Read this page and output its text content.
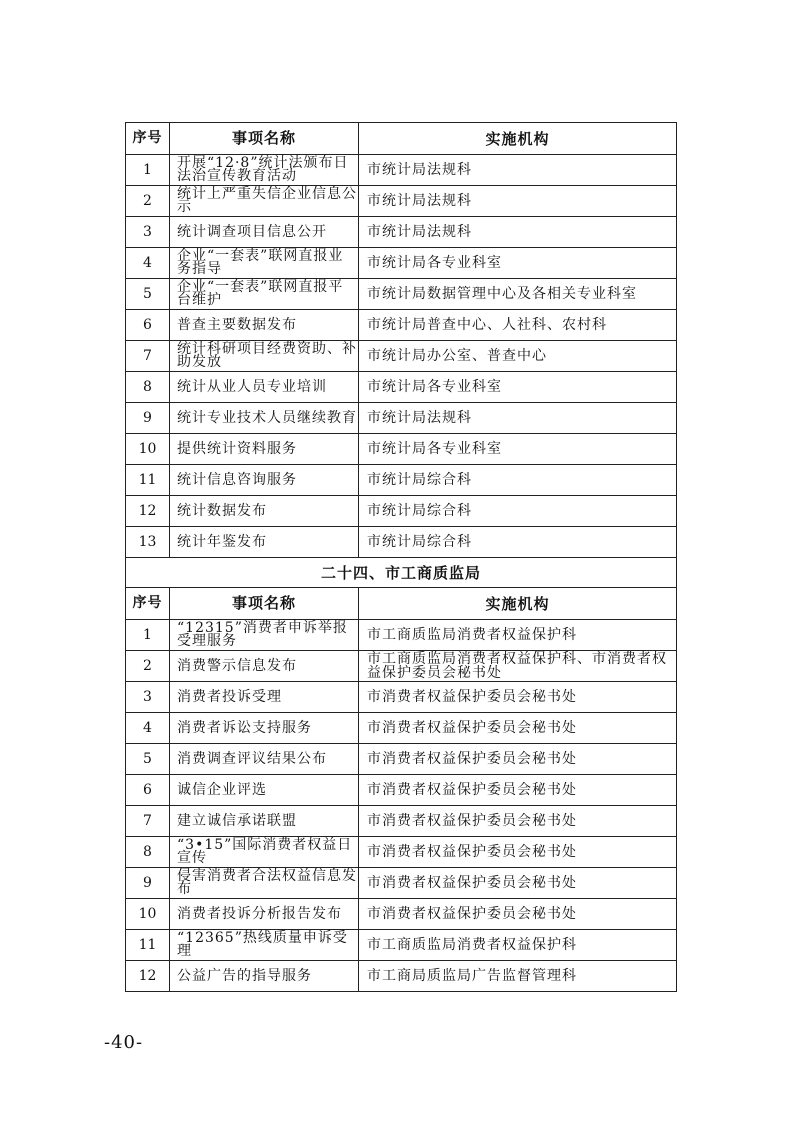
序号	事项名称	实施机构
1	开展“12·8”统计法颁布日法治宣传教育活动	市统计局法规科
2	统计上严重失信企业信息公示	市统计局法规科
3	统计调查项目信息公开	市统计局法规科
4	企业“一套表”联网直报业务指导	市统计局各专业科室
5	企业“一套表”联网直报平台维护	市统计局数据管理中心及各相关专业科室
6	普查主要数据发布	市统计局普查中心、人社科、农村科
7	统计科研项目经费资助、补助发放	市统计局办公室、普查中心
8	统计从业人员专业培训	市统计局各专业科室
9	统计专业技术人员继续教育	市统计局法规科
10	提供统计资料服务	市统计局各专业科室
11	统计信息咨询服务	市统计局综合科
12	统计数据发布	市统计局综合科
13	统计年鉴发布	市统计局综合科
二十四、市工商质监局		
序号	事项名称	实施机构
1	“12315”消费者申诉举报受理服务	市工商质监局消费者权益保护科
2	消费警示信息发布	市工商质监局消费者权益保护科、市消费者权益保护委员会秘书处
3	消费者投诉受理	市消费者权益保护委员会秘书处
4	消费者诉讼支持服务	市消费者权益保护委员会秘书处
5	消费调查评议结果公布	市消费者权益保护委员会秘书处
6	诚信企业评选	市消费者权益保护委员会秘书处
7	建立诚信承诺联盟	市消费者权益保护委员会秘书处
8	“3•15”国际消费者权益日宣传	市消费者权益保护委员会秘书处
9	侵害消费者合法权益信息发布	市消费者权益保护委员会秘书处
10	消费者投诉分析报告发布	市消费者权益保护委员会秘书处
11	“12365”热线质量申诉受理	市工商质监局消费者权益保护科
12	公益广告的指导服务	市工商局质监局广告监督管理科
-40-
